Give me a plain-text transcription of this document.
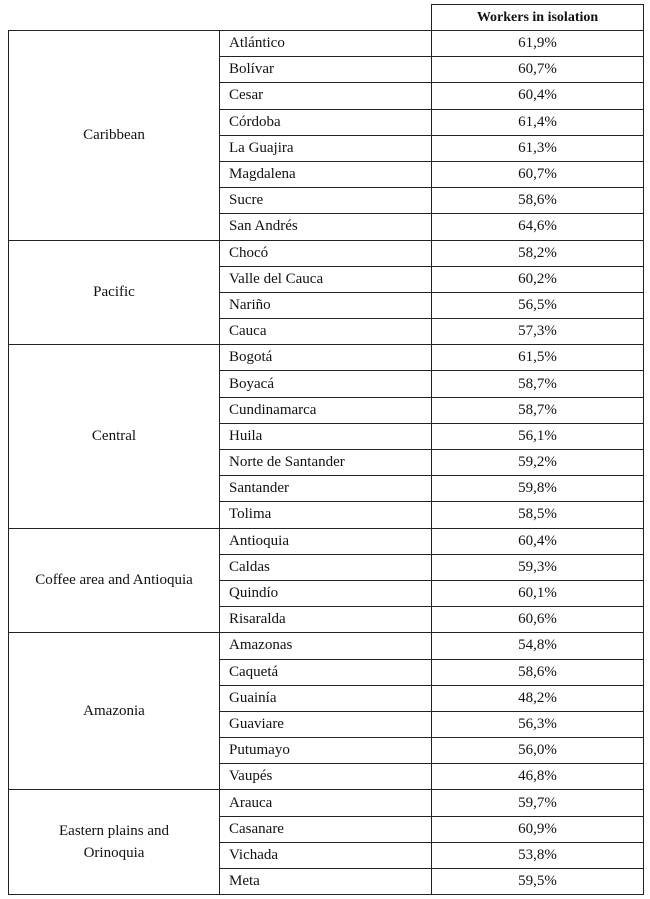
		Workers in isolation

Caribbean	Atlántico	61,9%
	Bolívar	60,7%
	Cesar	60,4%
	Córdoba	61,4%
	La Guajira	61,3%
	Magdalena	60,7%
	Sucre	58,6%
	San Andrés	64,6%

Pacific	Chocó	58,2%
	Valle del Cauca	60,2%
	Nariño	56,5%
	Cauca	57,3%

Central	Bogotá	61,5%
	Boyacá	58,7%
	Cundinamarca	58,7%
	Huila	56,1%
	Norte de Santander	59,2%
	Santander	59,8%
	Tolima	58,5%

Coffee area and Antioquia	Antioquia	60,4%
	Caldas	59,3%
	Quindío	60,1%
	Risaralda	60,6%

Amazonia	Amazonas	54,8%
	Caquetá	58,6%
	Guainía	48,2%
	Guaviare	56,3%
	Putumayo	56,0%
	Vaupés	46,8%

Eastern plains and
Orinoquia	Arauca	59,7%
	Casanare	60,9%
	Vichada	53,8%
	Meta	59,5%
